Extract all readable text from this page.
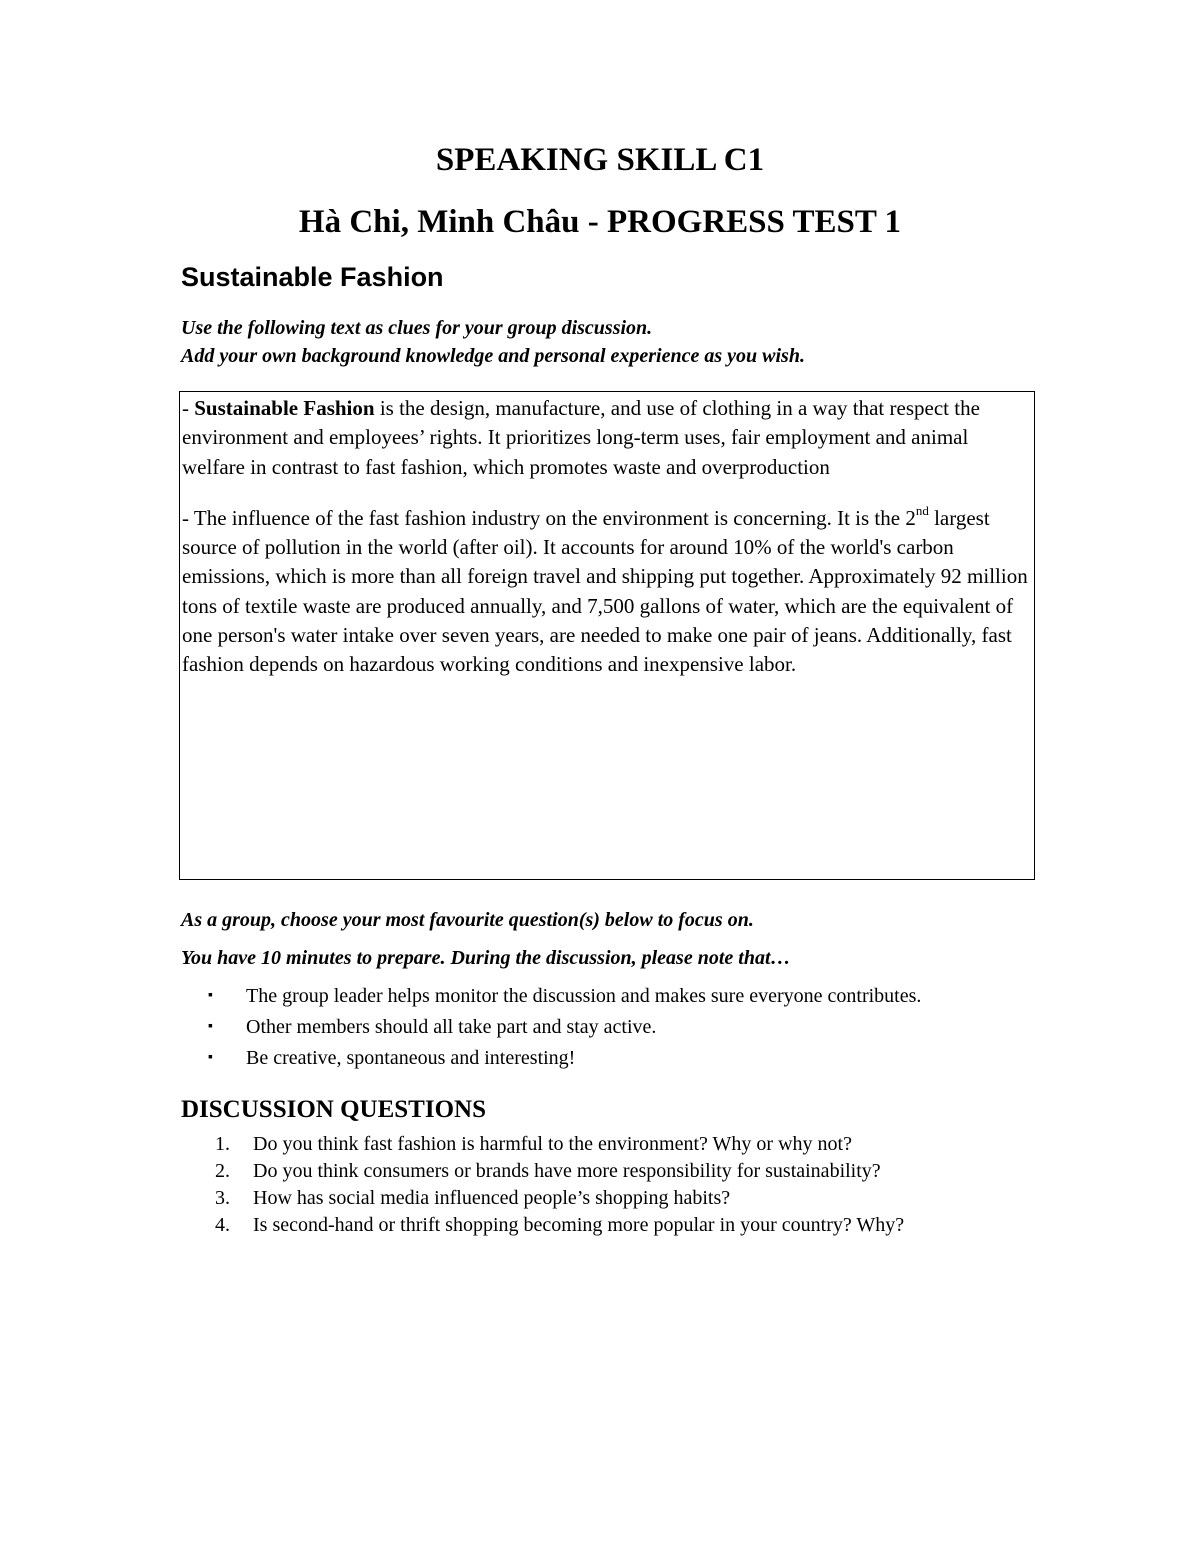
SPEAKING SKILL C1
Hà Chi, Minh Châu - PROGRESS TEST 1
Sustainable Fashion
Use the following text as clues for your group discussion.
Add your own background knowledge and personal experience as you wish.

- Sustainable Fashion is the design, manufacture, and use of clothing in a way that respect the environment and employees’ rights. It prioritizes long-term uses, fair employment and animal welfare in contrast to fast fashion, which promotes waste and overproduction

- The influence of the fast fashion industry on the environment is concerning. It is the 2nd largest source of pollution in the world (after oil). It accounts for around 10% of the world's carbon emissions, which is more than all foreign travel and shipping put together. Approximately 92 million tons of textile waste are produced annually, and 7,500 gallons of water, which are the equivalent of one person's water intake over seven years, are needed to make one pair of jeans. Additionally, fast fashion depends on hazardous working conditions and inexpensive labor.

As a group, choose your most favourite question(s) below to focus on.
You have 10 minutes to prepare. During the discussion, please note that…
▪	The group leader helps monitor the discussion and makes sure everyone contributes.
▪	Other members should all take part and stay active.
▪	Be creative, spontaneous and interesting!
DISCUSSION QUESTIONS
1.	Do you think fast fashion is harmful to the environment? Why or why not?
2.	Do you think consumers or brands have more responsibility for sustainability?
3.	How has social media influenced people’s shopping habits?
4.	Is second-hand or thrift shopping becoming more popular in your country? Why?
